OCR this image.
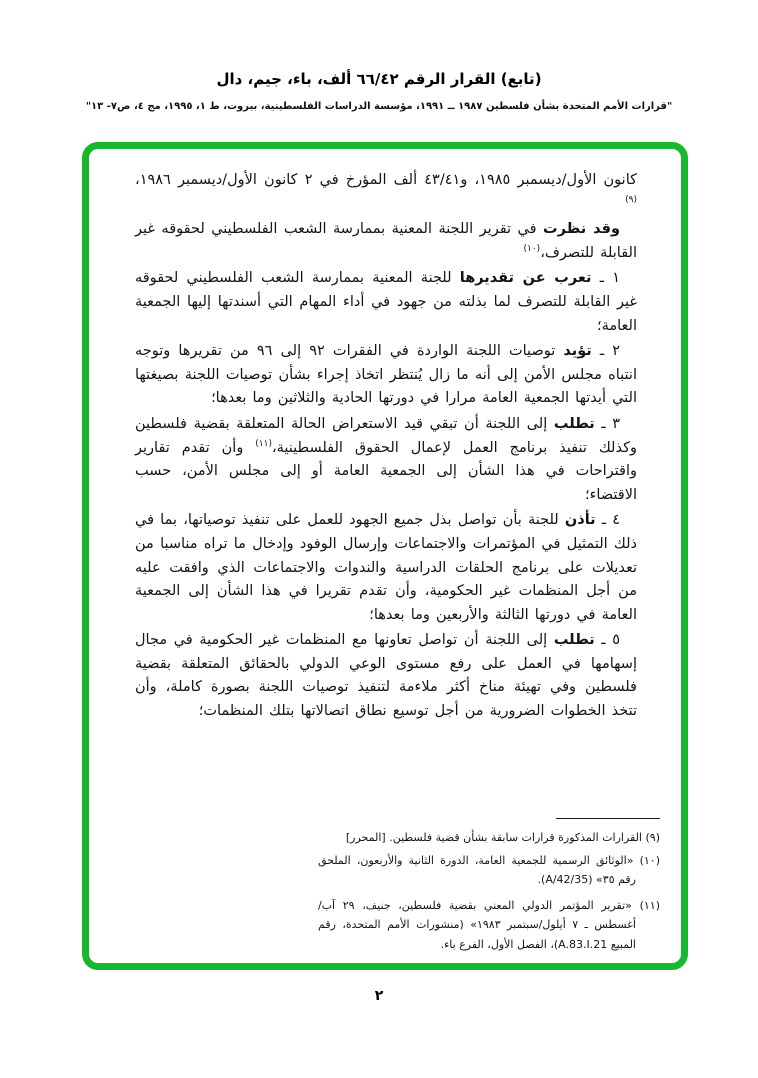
(تابع) القرار الرقم ٦٦/٤٢ ألف، باء، جيم، دال
"قرارات الأمم المتحدة بشأن فلسطين ١٩٨٧ ــ ١٩٩١، مؤسسة الدراسات الفلسطينية، بيروت، ط ١، ١٩٩٥، مج ٤، ص٧- ١٣"

كانون الأول/ديسمبر ١٩٨٥، و٤٣/٤١ ألف المؤرخ في ٢ كانون الأول/ديسمبر ١٩٨٦،$^{(٩)}$

وقد نظرت في تقرير اللجنة المعنية بممارسة الشعب الفلسطيني لحقوقه غير القابلة للتصرف،$^{(١٠)}$

١ ـ تعرب عن تقديرها للجنة المعنية بممارسة الشعب الفلسطيني لحقوقه غير القابلة للتصرف لما بذلته من جهود في أداء المهام التي أسندتها إليها الجمعية العامة؛

٢ ـ تؤيد توصيات اللجنة الواردة في الفقرات ٩٢ إلى ٩٦ من تقريرها وتوجه انتباه مجلس الأمن إلى أنه ما زال يُنتظر اتخاذ إجراء بشأن توصيات اللجنة بصيغتها التي أيدتها الجمعية العامة مرارا في دورتها الحادية والثلاثين وما بعدها؛

٣ ـ تطلب إلى اللجنة أن تبقي قيد الاستعراض الحالة المتعلقة بقضية فلسطين وكذلك تنفيذ برنامج العمل لإعمال الحقوق الفلسطينية،$^{(١١)}$ وأن تقدم تقارير واقتراحات في هذا الشأن إلى الجمعية العامة أو إلى مجلس الأمن، حسب الاقتضاء؛

٤ ـ تأذن للجنة بأن تواصل بذل جميع الجهود للعمل على تنفيذ توصياتها، بما في ذلك التمثيل في المؤتمرات والاجتماعات وإرسال الوفود وإدخال ما تراه مناسبا من تعديلات على برنامج الحلقات الدراسية والندوات والاجتماعات الذي وافقت عليه من أجل المنظمات غير الحكومية، وأن تقدم تقريرا في هذا الشأن إلى الجمعية العامة في دورتها الثالثة والأربعين وما بعدها؛

٥ ـ تطلب إلى اللجنة أن تواصل تعاونها مع المنظمات غير الحكومية في مجال إسهامها في العمل على رفع مستوى الوعي الدولي بالحقائق المتعلقة بقضية فلسطين وفي تهيئة مناخ أكثر ملاءمة لتنفيذ توصيات اللجنة بصورة كاملة، وأن تتخذ الخطوات الضرورية من أجل توسيع نطاق اتصالاتها بتلك المنظمات؛

(٩) القرارات المذكورة قرارات سابقة بشأن قضية فلسطين. [المحرر]

(١٠) «الوثائق الرسمية للجمعية العامة، الدورة الثانية والأربعون، الملحق رقم ٣٥» (A/42/35).

(١١) «تقرير المؤتمر الدولي المعني بقضية فلسطين، جنيف، ٢٩ آب/أغسطس ـ ٧ أيلول/سبتمبر ١٩٨٣» (منشورات الأمم المتحدة، رقم المبيع A.83.I.21)، الفصل الأول، الفرع باء.

٢
